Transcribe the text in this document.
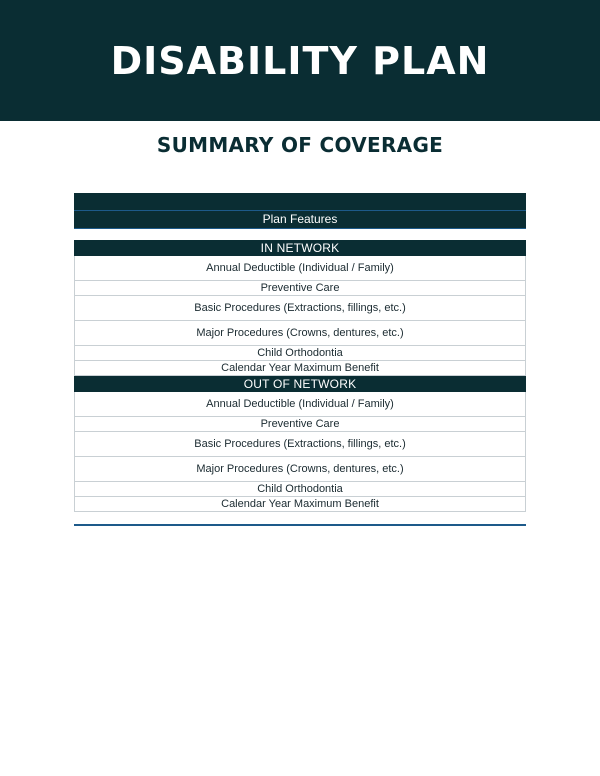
DISABILITY PLAN
SUMMARY OF COVERAGE
Plan Features
IN NETWORK
Annual Deductible (Individual / Family)
Preventive Care
Basic Procedures (Extractions, fillings, etc.)
Major Procedures (Crowns, dentures, etc.)
Child Orthodontia
Calendar Year Maximum Benefit
OUT OF NETWORK
Annual Deductible (Individual / Family)
Preventive Care
Basic Procedures (Extractions, fillings, etc.)
Major Procedures (Crowns, dentures, etc.)
Child Orthodontia
Calendar Year Maximum Benefit
